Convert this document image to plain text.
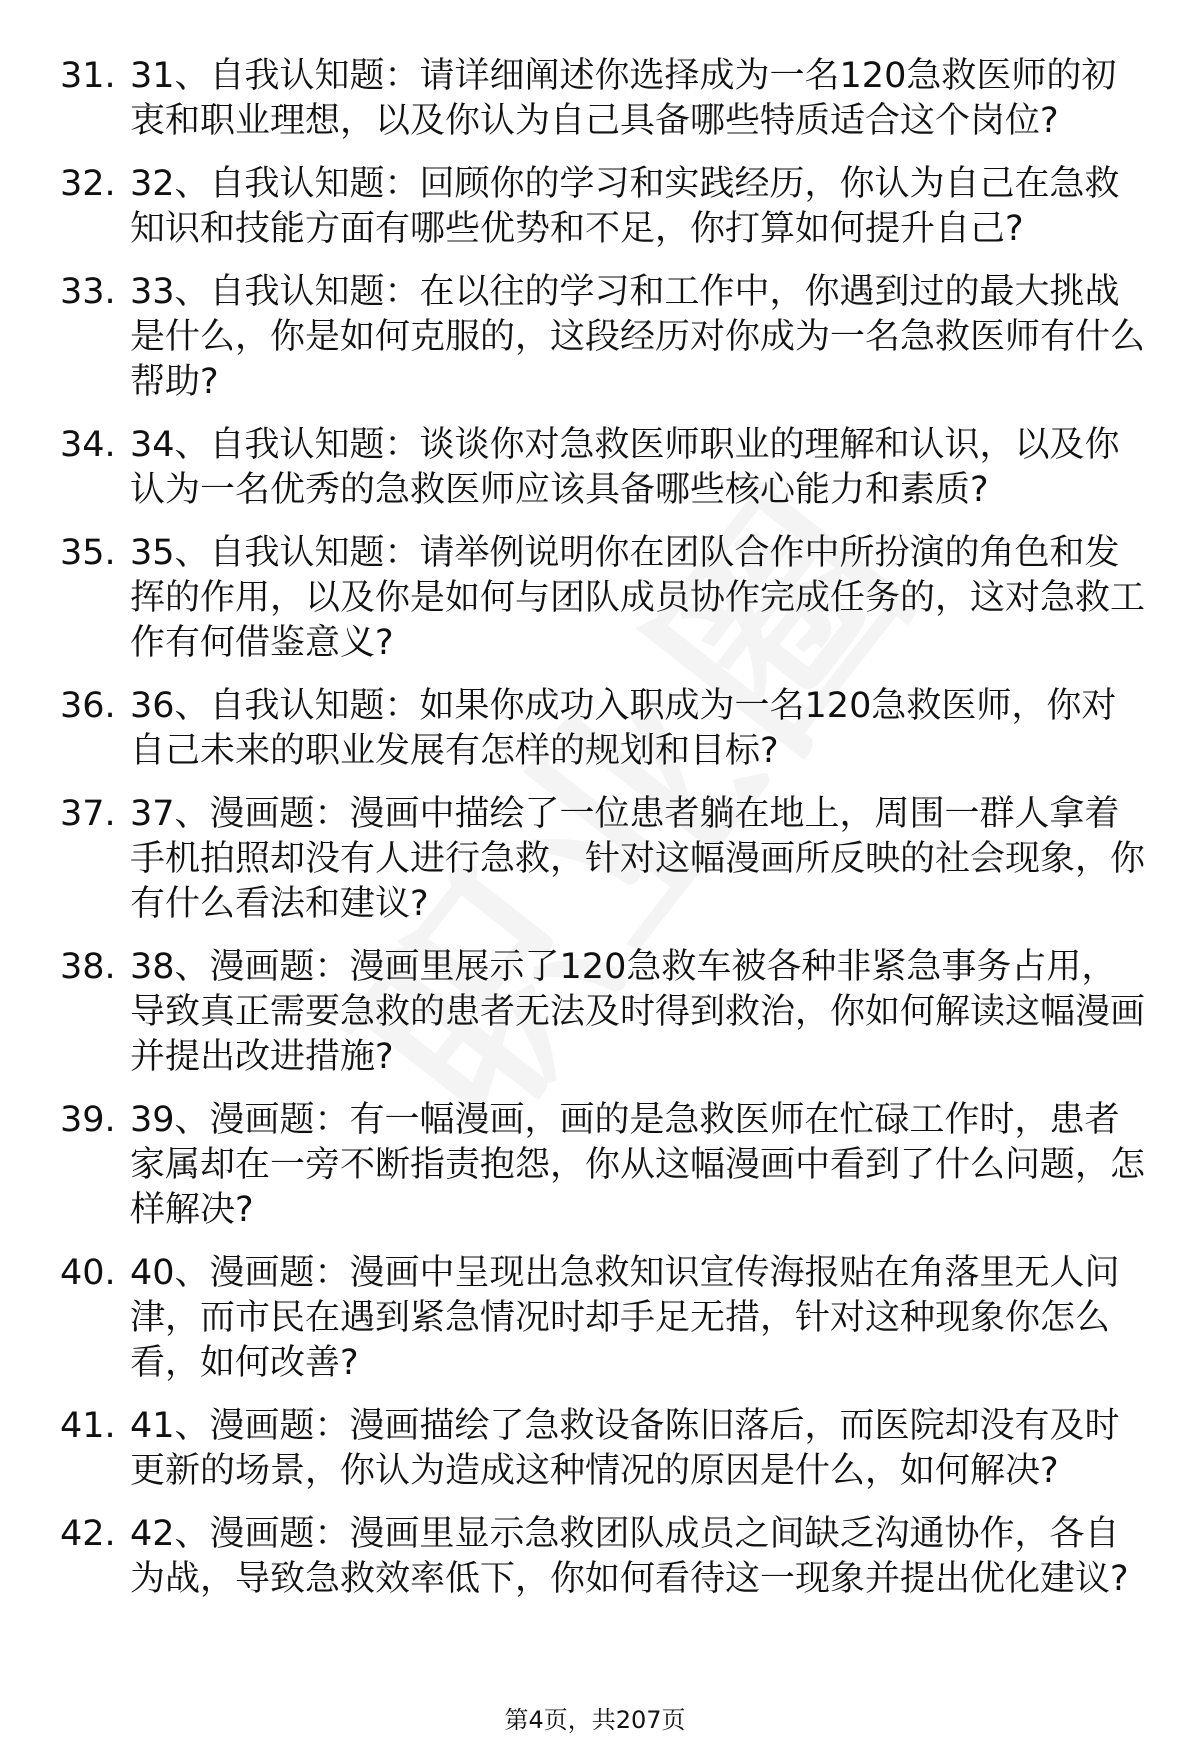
31. 31、自我认知题：请详细阐述你选择成为一名120急救医师的初衷和职业理想，以及你认为自己具备哪些特质适合这个岗位?
32. 32、自我认知题：回顾你的学习和实践经历，你认为自己在急救知识和技能方面有哪些优势和不足，你打算如何提升自己?
33. 33、自我认知题：在以往的学习和工作中，你遇到过的最大挑战是什么，你是如何克服的，这段经历对你成为一名急救医师有什么帮助?
34. 34、自我认知题：谈谈你对急救医师职业的理解和认识，以及你认为一名优秀的急救医师应该具备哪些核心能力和素质?
35. 35、自我认知题：请举例说明你在团队合作中所扮演的角色和发挥的作用，以及你是如何与团队成员协作完成任务的，这对急救工作有何借鉴意义?
36. 36、自我认知题：如果你成功入职成为一名120急救医师，你对自己未来的职业发展有怎样的规划和目标?
37. 37、漫画题：漫画中描绘了一位患者躺在地上，周围一群人拿着手机拍照却没有人进行急救，针对这幅漫画所反映的社会现象，你有什么看法和建议?
38. 38、漫画题：漫画里展示了120急救车被各种非紧急事务占用，导致真正需要急救的患者无法及时得到救治，你如何解读这幅漫画并提出改进措施?
39. 39、漫画题：有一幅漫画，画的是急救医师在忙碌工作时，患者家属却在一旁不断指责抱怨，你从这幅漫画中看到了什么问题，怎样解决?
40. 40、漫画题：漫画中呈现出急救知识宣传海报贴在角落里无人问津，而市民在遇到紧急情况时却手足无措，针对这种现象你怎么看，如何改善?
41. 41、漫画题：漫画描绘了急救设备陈旧落后，而医院却没有及时更新的场景，你认为造成这种情况的原因是什么，如何解决?
42. 42、漫画题：漫画里显示急救团队成员之间缺乏沟通协作，各自为战，导致急救效率低下，你如何看待这一现象并提出优化建议?
第4页，共207页
